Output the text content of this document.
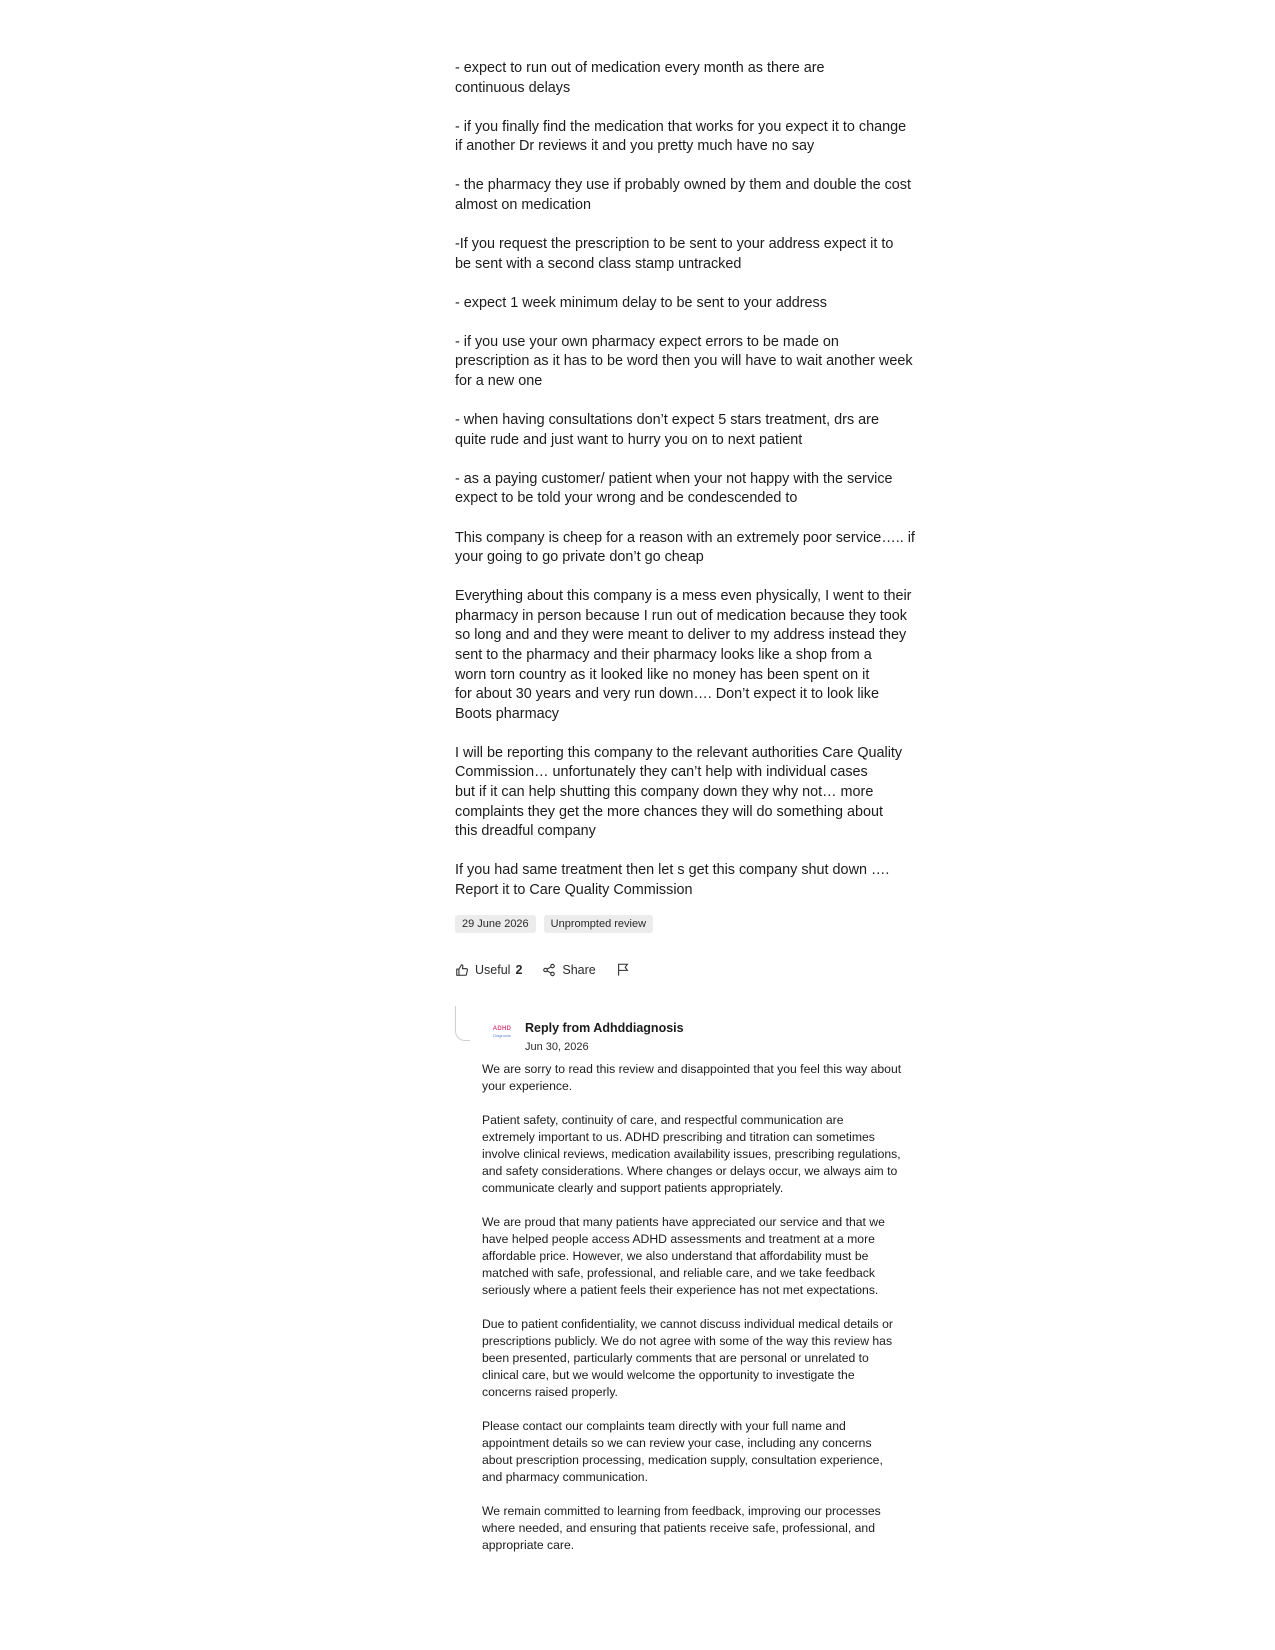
- expect to run out of medication every month as there are
continuous delays

- if you finally find the medication that works for you expect it to change
if another Dr reviews it and you pretty much have no say

- the pharmacy they use if probably owned by them and double the cost
almost on medication

-If you request the prescription to be sent to your address expect it to
be sent with a second class stamp untracked

- expect 1 week minimum delay to be sent to your address

- if you use your own pharmacy expect errors to be made on
prescription as it has to be word then you will have to wait another week
for a new one

- when having consultations don’t expect 5 stars treatment, drs are
quite rude and just want to hurry you on to next patient

- as a paying customer/ patient when your not happy with the service
expect to be told your wrong and be condescended to

This company is cheep for a reason with an extremely poor service….. if
your going to go private don’t go cheap

Everything about this company is a mess even physically, I went to their
pharmacy in person because I run out of medication because they took
so long and and they were meant to deliver to my address instead they
sent to the pharmacy and their pharmacy looks like a shop from a
worn torn country as it looked like no money has been spent on it
for about 30 years and very run down…. Don’t expect it to look like
Boots pharmacy

I will be reporting this company to the relevant authorities Care Quality
Commission… unfortunately they can’t help with individual cases
but if it can help shutting this company down they why not… more
complaints they get the more chances they will do something about
this dreadful company

If you had same treatment then let s get this company shut down ….
Report it to Care Quality Commission

29 June 2026	Unprompted review
Useful 2	Share
ADHD
Diagnosis
Reply from Adhddiagnosis
Jun 30, 2026

We are sorry to read this review and disappointed that you feel this way about
your experience.

Patient safety, continuity of care, and respectful communication are
extremely important to us. ADHD prescribing and titration can sometimes
involve clinical reviews, medication availability issues, prescribing regulations,
and safety considerations. Where changes or delays occur, we always aim to
communicate clearly and support patients appropriately.

We are proud that many patients have appreciated our service and that we
have helped people access ADHD assessments and treatment at a more
affordable price. However, we also understand that affordability must be
matched with safe, professional, and reliable care, and we take feedback
seriously where a patient feels their experience has not met expectations.

Due to patient confidentiality, we cannot discuss individual medical details or
prescriptions publicly. We do not agree with some of the way this review has
been presented, particularly comments that are personal or unrelated to
clinical care, but we would welcome the opportunity to investigate the
concerns raised properly.

Please contact our complaints team directly with your full name and
appointment details so we can review your case, including any concerns
about prescription processing, medication supply, consultation experience,
and pharmacy communication.

We remain committed to learning from feedback, improving our processes
where needed, and ensuring that patients receive safe, professional, and
appropriate care.
